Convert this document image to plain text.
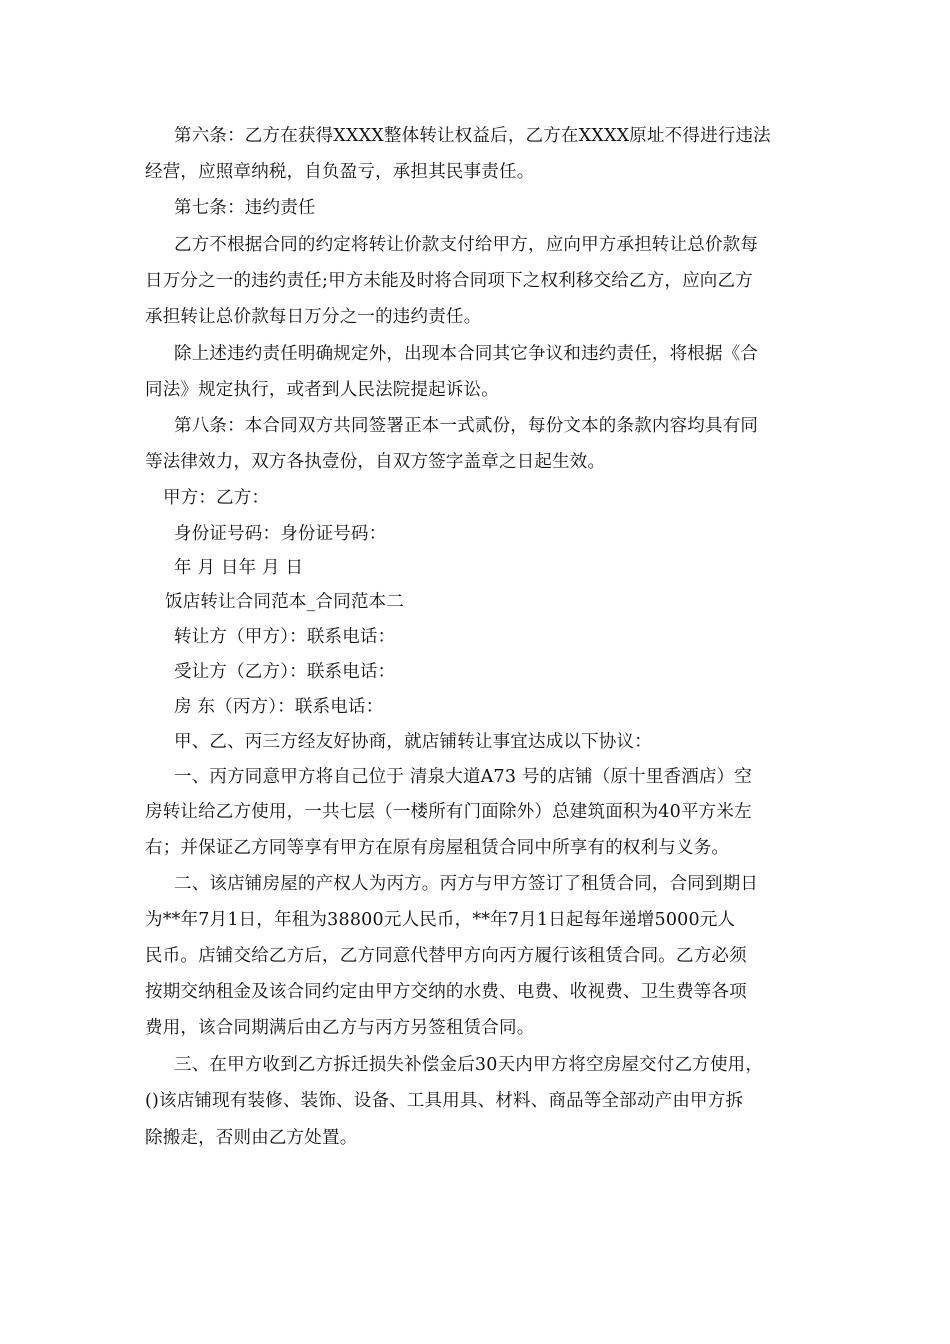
第六条：乙方在获得XXXX整体转让权益后，乙方在XXXX原址不得进行违法
经营，应照章纳税，自负盈亏，承担其民事责任。
第七条：违约责任
乙方不根据合同的约定将转让价款支付给甲方，应向甲方承担转让总价款每
日万分之一的违约责任;甲方未能及时将合同项下之权利移交给乙方，应向乙方
承担转让总价款每日万分之一的违约责任。
除上述违约责任明确规定外，出现本合同其它争议和违约责任，将根据《合
同法》规定执行，或者到人民法院提起诉讼。
第八条：本合同双方共同签署正本一式贰份，每份文本的条款内容均具有同
等法律效力，双方各执壹份，自双方签字盖章之日起生效。
甲方：乙方：
身份证号码：身份证号码：
年 月 日年 月 日
饭店转让合同范本_合同范本二
转让方（甲方）：联系电话：
受让方（乙方）：联系电话：
房 东（丙方）：联系电话：
甲、乙、丙三方经友好协商，就店铺转让事宜达成以下协议：
一、丙方同意甲方将自己位于 清泉大道A73 号的店铺（原十里香酒店）空
房转让给乙方使用，一共七层（一楼所有门面除外）总建筑面积为40平方米左
右；并保证乙方同等享有甲方在原有房屋租赁合同中所享有的权利与义务。
二、该店铺房屋的产权人为丙方。丙方与甲方签订了租赁合同，合同到期日
为**年7月1日，年租为38800元人民币，**年7月1日起每年递增5000元人
民币。店铺交给乙方后，乙方同意代替甲方向丙方履行该租赁合同。乙方必须
按期交纳租金及该合同约定由甲方交纳的水费、电费、收视费、卫生费等各项
费用，该合同期满后由乙方与丙方另签租赁合同。
三、在甲方收到乙方拆迁损失补偿金后30天内甲方将空房屋交付乙方使用，
()该店铺现有装修、装饰、设备、工具用具、材料、商品等全部动产由甲方拆
除搬走，否则由乙方处置。
